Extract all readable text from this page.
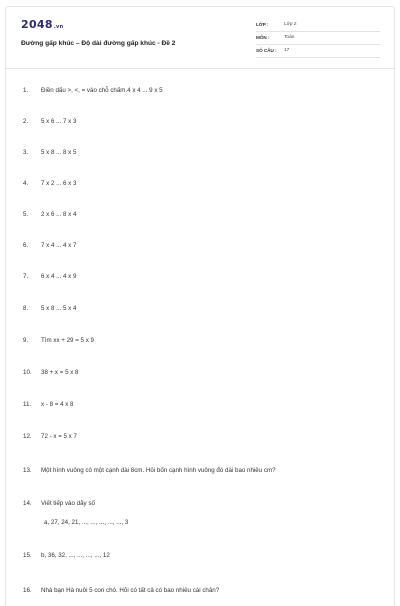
2048.vn
Đường gấp khúc – Độ dài đường gấp khúc - Đề 2
LỚP :	Lớp 2
MÔN :	Toán
SỐ CÂU : 17
1. Điền dấu >, <, = vào chỗ chấm.4 x 4 ... 9 x 5
2. 5 x 6 ... 7 x 3
3. 5 x 8 ... 8 x 5
4. 7 x 2 ... 6 x 3
5. 2 x 6 ... 8 x 4
6. 7 x 4 ... 4 x 7
7. 6 x 4 ... 4 x 9
8. 5 x 8 ... 5 x 4
9. Tìm xx + 29 = 5 x 9
10. 38 + x = 5 x 8
11. x - 8 = 4 x 8
12. 72 - x = 5 x 7
13. Một hình vuông có một cạnh dài 8cm. Hỏi bốn cạnh hình vuông đó dài bao nhiêu cm?
14. Viết tiếp vào dãy số
a, 27, 24, 21, ..., ..., ..., ..., ..., 3
15. b, 36, 32, ..., ..., ..., ..., 12
16. Nhà bạn Hà nuôi 5 con chó. Hỏi có tất cả có bao nhiêu cái chân?
